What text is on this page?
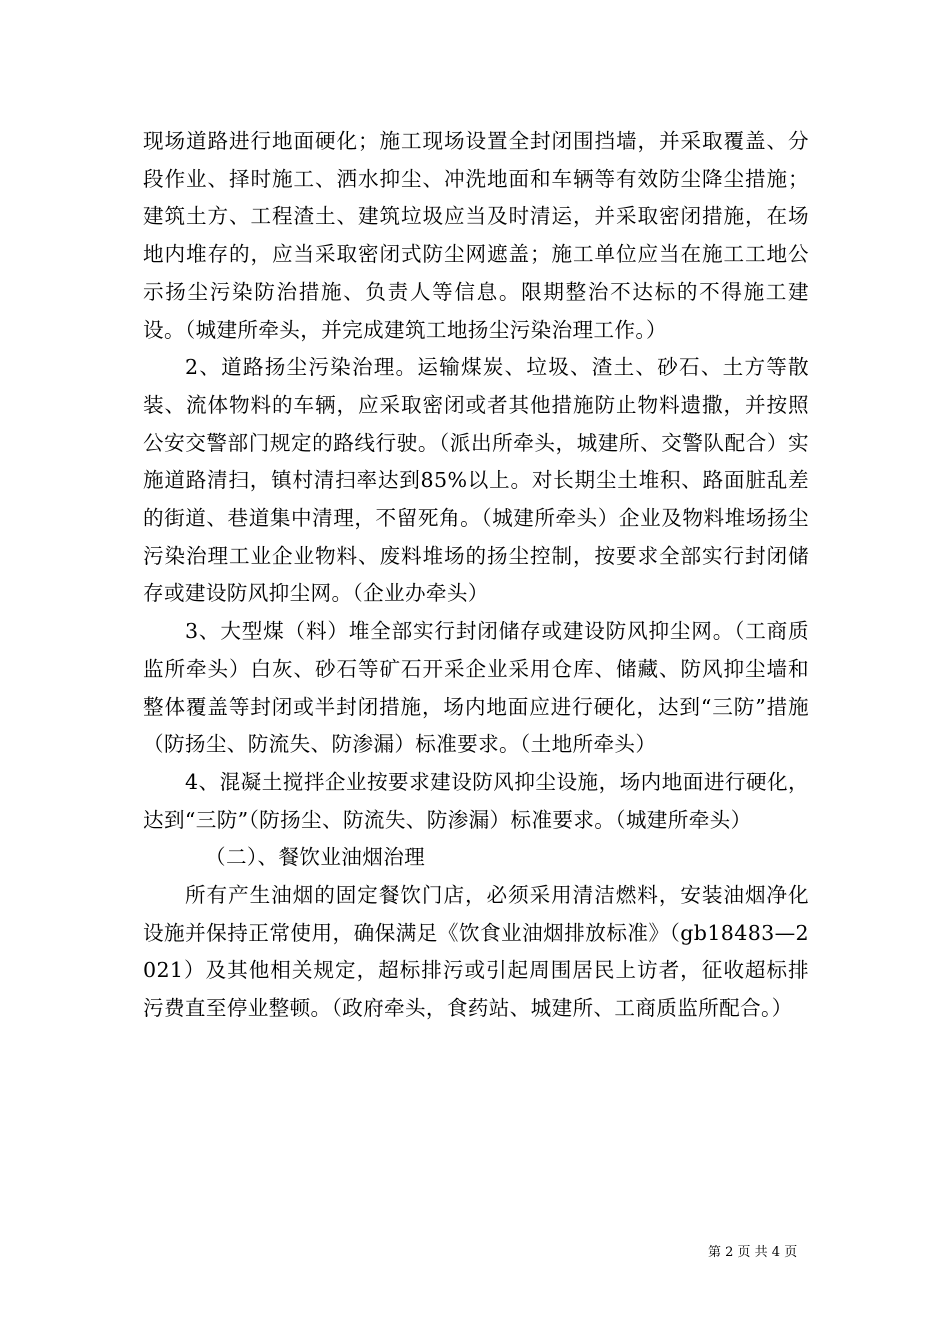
现场道路进行地面硬化；施工现场设置全封闭围挡墙，并采取覆盖、分段作业、择时施工、洒水抑尘、冲洗地面和车辆等有效防尘降尘措施；建筑土方、工程渣土、建筑垃圾应当及时清运，并采取密闭措施，在场地内堆存的，应当采取密闭式防尘网遮盖；施工单位应当在施工工地公示扬尘污染防治措施、负责人等信息。限期整治不达标的不得施工建设。（城建所牵头，并完成建筑工地扬尘污染治理工作。）

2、道路扬尘污染治理。运输煤炭、垃圾、渣土、砂石、土方等散装、流体物料的车辆，应采取密闭或者其他措施防止物料遗撒，并按照公安交警部门规定的路线行驶。（派出所牵头，城建所、交警队配合）实施道路清扫，镇村清扫率达到85%以上。对长期尘土堆积、路面脏乱差的街道、巷道集中清理，不留死角。（城建所牵头）企业及物料堆场扬尘污染治理工业企业物料、废料堆场的扬尘控制，按要求全部实行封闭储存或建设防风抑尘网。（企业办牵头）

3、大型煤（料）堆全部实行封闭储存或建设防风抑尘网。（工商质监所牵头）白灰、砂石等矿石开采企业采用仓库、储藏、防风抑尘墙和整体覆盖等封闭或半封闭措施，场内地面应进行硬化，达到“三防”措施（防扬尘、防流失、防渗漏）标准要求。（土地所牵头）

4、混凝土搅拌企业按要求建设防风抑尘设施，场内地面进行硬化，达到“三防”（防扬尘、防流失、防渗漏）标准要求。（城建所牵头）

（二）、餐饮业油烟治理

所有产生油烟的固定餐饮门店，必须采用清洁燃料，安装油烟净化设施并保持正常使用，确保满足《饮食业油烟排放标准》（gb18483—2021）及其他相关规定，超标排污或引起周围居民上访者，征收超标排污费直至停业整顿。（政府牵头，食药站、城建所、工商质监所配合。）

第 2 页 共 4 页
